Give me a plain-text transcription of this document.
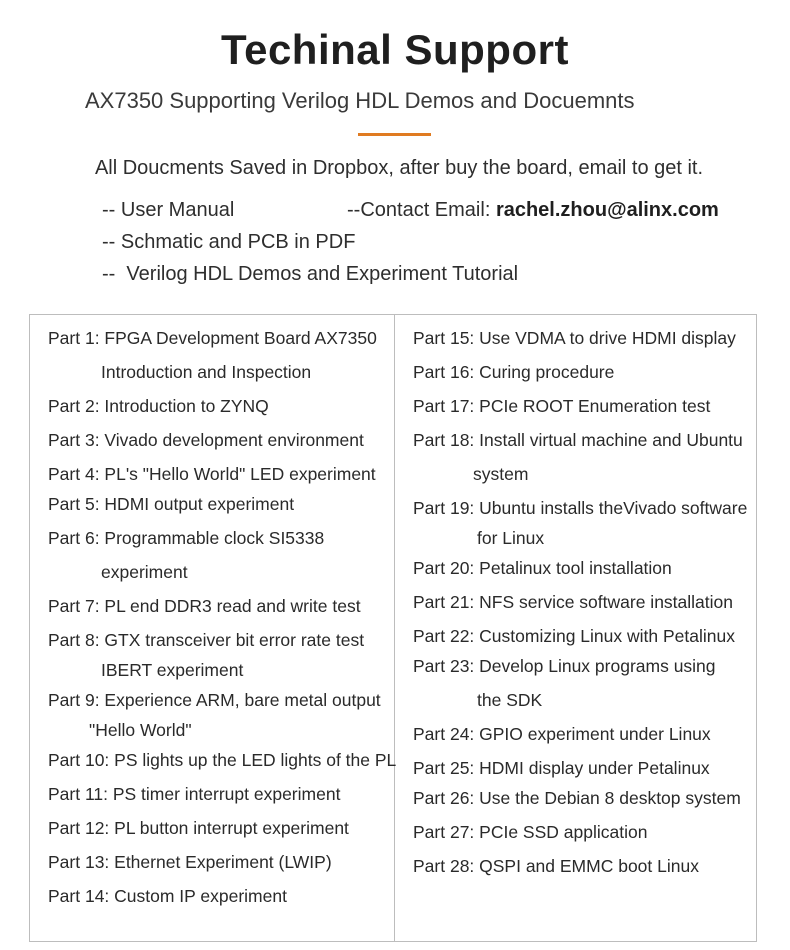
Techinal Support
AX7350 Supporting Verilog HDL Demos and Docuemnts
All Doucments Saved in Dropbox, after buy the board, email to get it.
-- User Manual
-- Schmatic and PCB in PDF
--  Verilog HDL Demos and Experiment Tutorial
--Contact Email: rachel.zhou@alinx.com
Part 1: FPGA Development Board AX7350
Introduction and Inspection
Part 2: Introduction to ZYNQ
Part 3: Vivado development environment
Part 4: PL's "Hello World" LED experiment
Part 5: HDMI output experiment
Part 6: Programmable clock SI5338
experiment
Part 7: PL end DDR3 read and write test
Part 8: GTX transceiver bit error rate test
IBERT experiment
Part 9: Experience ARM, bare metal output
"Hello World"
Part 10: PS lights up the LED lights of the PL
Part 11: PS timer interrupt experiment
Part 12: PL button interrupt experiment
Part 13: Ethernet Experiment (LWIP)
Part 14: Custom IP experiment
Part 15: Use VDMA to drive HDMI display
Part 16: Curing procedure
Part 17: PCIe ROOT Enumeration test
Part 18: Install virtual machine and Ubuntu
system
Part 19: Ubuntu installs theVivado software
for Linux
Part 20: Petalinux tool installation
Part 21: NFS service software installation
Part 22: Customizing Linux with Petalinux
Part 23: Develop Linux programs using
the SDK
Part 24: GPIO experiment under Linux
Part 25: HDMI display under Petalinux
Part 26: Use the Debian 8 desktop system
Part 27: PCIe SSD application
Part 28: QSPI and EMMC boot Linux
